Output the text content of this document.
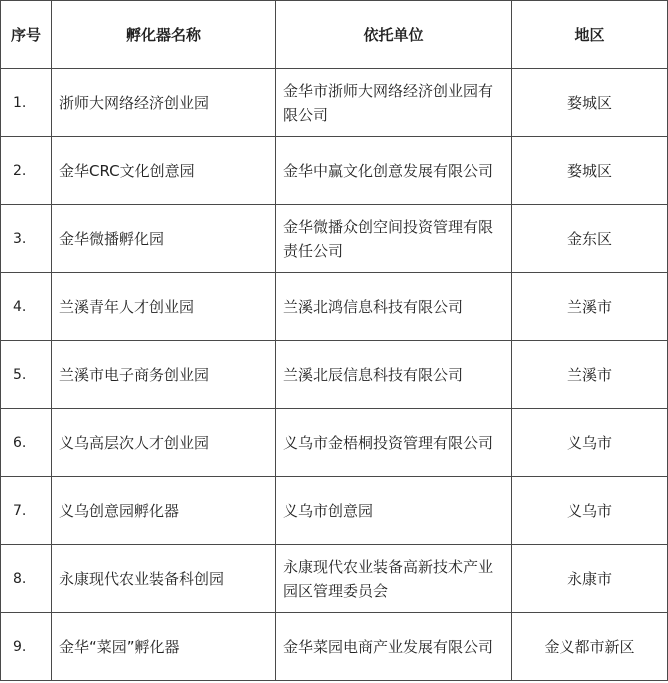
序号	孵化器名称	依托单位	地区
1.	浙师大网络经济创业园	金华市浙师大网络经济创业园有限公司	婺城区
2.	金华CRC文化创意园	金华中赢文化创意发展有限公司	婺城区
3.	金华微播孵化园	金华微播众创空间投资管理有限责任公司	金东区
4.	兰溪青年人才创业园	兰溪北鸿信息科技有限公司	兰溪市
5.	兰溪市电子商务创业园	兰溪北辰信息科技有限公司	兰溪市
6.	义乌高层次人才创业园	义乌市金梧桐投资管理有限公司	义乌市
7.	义乌创意园孵化器	义乌市创意园	义乌市
8.	永康现代农业装备科创园	永康现代农业装备高新技术产业园区管理委员会	永康市
9.	金华“菜园”孵化器	金华菜园电商产业发展有限公司	金义都市新区
